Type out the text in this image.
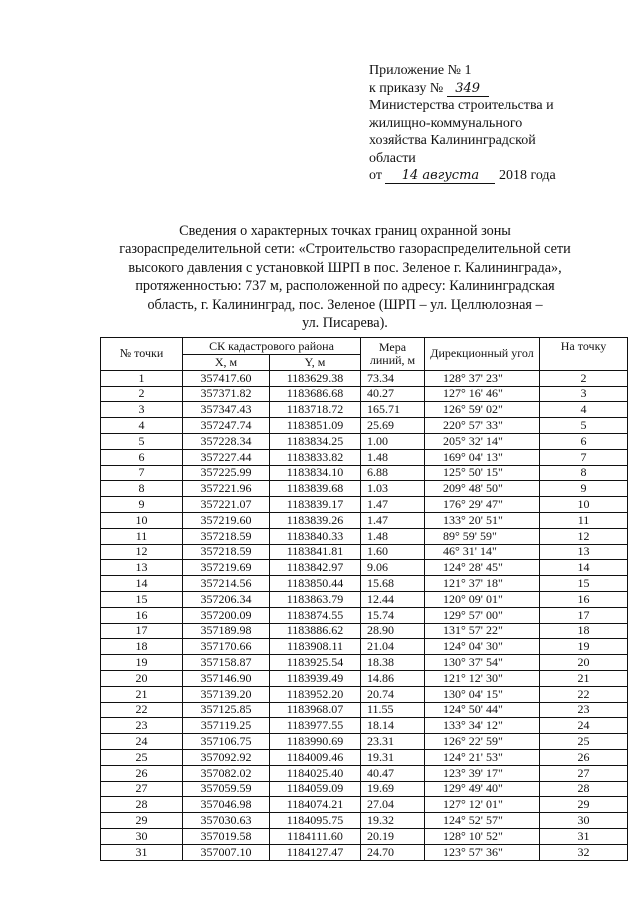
Приложение № 1
к приказу № 349
Министерства строительства и
жилищно-коммунального
хозяйства Калининградской
области
от 14 августа 2018 года
Сведения о характерных точках границ охранной зоны
газораспределительной сети: «Строительство газораспределительной сети
высокого давления с установкой ШРП в пос. Зеленое г. Калининграда»,
протяженностью: 737 м, расположенной по адресу: Калининградская
область, г. Калининград, пос. Зеленое (ШРП – ул. Целлюлозная –
ул. Писарева).
№ точки	СК кадастрового района		Мера линий, м	Дирекционный угол	На точку
	X, м	Y, м			
1	357417.60	1183629.38	73.34	128° 37' 23"	2
2	357371.82	1183686.68	40.27	127° 16' 46"	3
3	357347.43	1183718.72	165.71	126° 59' 02"	4
4	357247.74	1183851.09	25.69	220° 57' 33"	5
5	357228.34	1183834.25	1.00	205° 32' 14"	6
6	357227.44	1183833.82	1.48	169° 04' 13"	7
7	357225.99	1183834.10	6.88	125° 50' 15"	8
8	357221.96	1183839.68	1.03	209° 48' 50"	9
9	357221.07	1183839.17	1.47	176° 29' 47"	10
10	357219.60	1183839.26	1.47	133° 20' 51"	11
11	357218.59	1183840.33	1.48	89° 59' 59"	12
12	357218.59	1183841.81	1.60	46° 31' 14"	13
13	357219.69	1183842.97	9.06	124° 28' 45"	14
14	357214.56	1183850.44	15.68	121° 37' 18"	15
15	357206.34	1183863.79	12.44	120° 09' 01"	16
16	357200.09	1183874.55	15.74	129° 57' 00"	17
17	357189.98	1183886.62	28.90	131° 57' 22"	18
18	357170.66	1183908.11	21.04	124° 04' 30"	19
19	357158.87	1183925.54	18.38	130° 37' 54"	20
20	357146.90	1183939.49	14.86	121° 12' 30"	21
21	357139.20	1183952.20	20.74	130° 04' 15"	22
22	357125.85	1183968.07	11.55	124° 50' 44"	23
23	357119.25	1183977.55	18.14	133° 34' 12"	24
24	357106.75	1183990.69	23.31	126° 22' 59"	25
25	357092.92	1184009.46	19.31	124° 21' 53"	26
26	357082.02	1184025.40	40.47	123° 39' 17"	27
27	357059.59	1184059.09	19.69	129° 49' 40"	28
28	357046.98	1184074.21	27.04	127° 12' 01"	29
29	357030.63	1184095.75	19.32	124° 52' 57"	30
30	357019.58	1184111.60	20.19	128° 10' 52"	31
31	357007.10	1184127.47	24.70	123° 57' 36"	32
